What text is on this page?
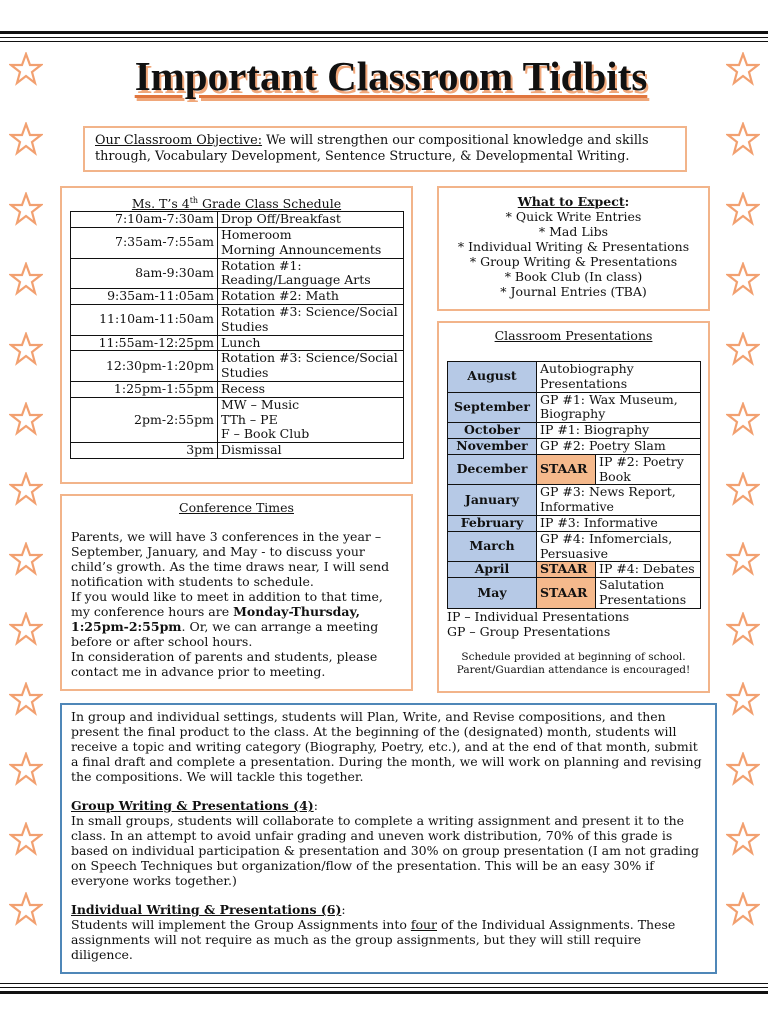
Important Classroom Tidbits

Our Classroom Objective: We will strengthen our compositional knowledge and skills through, Vocabulary Development, Sentence Structure, & Developmental Writing.

Ms. T’s 4th Grade Class Schedule
7:10am-7:30am	Drop Off/Breakfast
7:35am-7:55am	Homeroom
Morning Announcements
8am-9:30am	Rotation #1:
Reading/Language Arts
9:35am-11:05am	Rotation #2: Math
11:10am-11:50am	Rotation #3: Science/Social Studies
11:55am-12:25pm	Lunch
12:30pm-1:20pm	Rotation #3: Science/Social Studies
1:25pm-1:55pm	Recess
2pm-2:55pm	MW – Music
TTh – PE
F – Book Club
3pm	Dismissal
What to Expect:
* Quick Write Entries
* Mad Libs
* Individual Writing & Presentations
* Group Writing & Presentations
* Book Club (In class)
* Journal Entries (TBA)
Classroom Presentations
August	Autobiography Presentations	
September	GP #1: Wax Museum, Biography	
October	IP #1: Biography	
November	GP #2: Poetry Slam	
December	STAAR	IP #2: Poetry Book
January	GP #3: News Report, Informative	
February	IP #3: Informative	
March	GP #4: Infomercials, Persuasive	
April	STAAR	IP #4: Debates
May	STAAR	Salutation Presentations
IP – Individual Presentations
GP – Group Presentations
Schedule provided at beginning of school.
Parent/Guardian attendance is encouraged!
Conference Times

Parents, we will have 3 conferences in the year – September, January, and May - to discuss your child’s growth. As the time draws near, I will send notification with students to schedule.

If you would like to meet in addition to that time, my conference hours are Monday-Thursday, 1:25pm-2:55pm. Or, we can arrange a meeting before or after school hours.

In consideration of parents and students, please contact me in advance prior to meeting.

In group and individual settings, students will Plan, Write, and Revise compositions, and then present the final product to the class. At the beginning of the (designated) month, students will receive a topic and writing category (Biography, Poetry, etc.), and at the end of that month, submit a final draft and complete a presentation. During the month, we will work on planning and revising the compositions. We will tackle this together.

Group Writing & Presentations (4):

In small groups, students will collaborate to complete a writing assignment and present it to the class. In an attempt to avoid unfair grading and uneven work distribution, 70% of this grade is based on individual participation & presentation and 30% on group presentation (I am not grading on Speech Techniques but organization/flow of the presentation. This will be an easy 30% if everyone works together.)

Individual Writing & Presentations (6):

Students will implement the Group Assignments into four of the Individual Assignments. These assignments will not require as much as the group assignments, but they will still require diligence.
